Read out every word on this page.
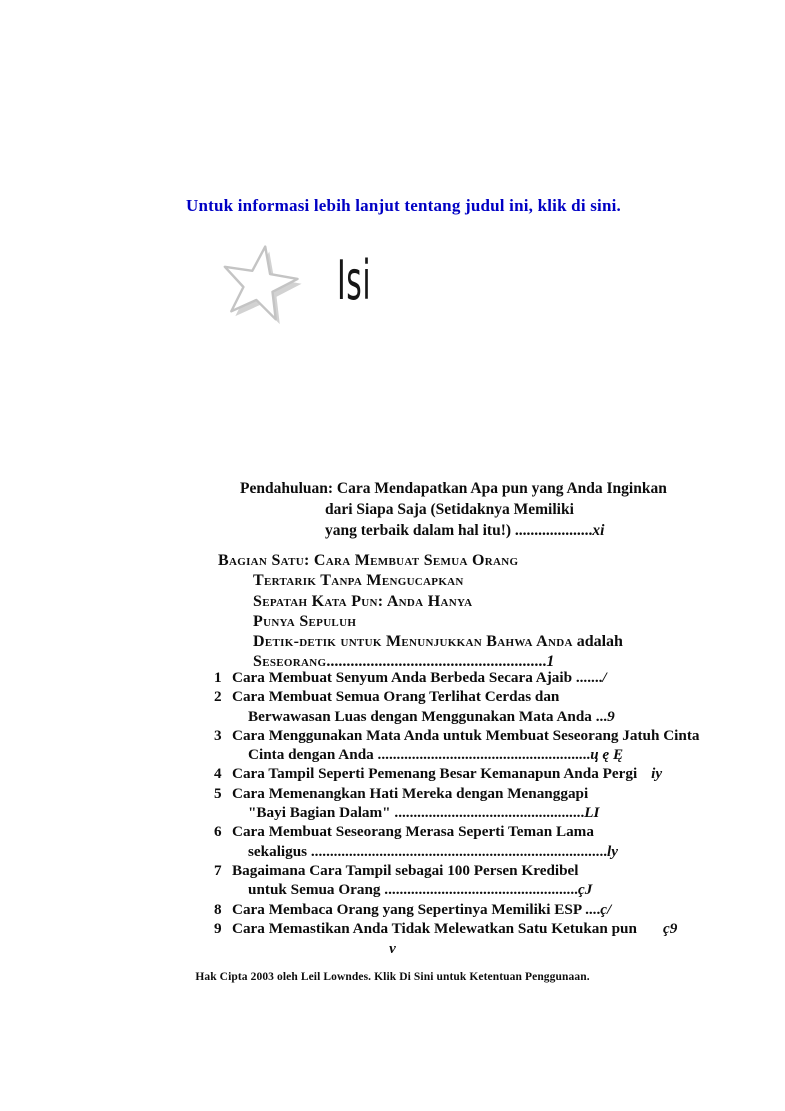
Untuk informasi lebih lanjut tentang judul ini, klik di sini.
Isi
Pendahuluan: Cara Mendapatkan Apa pun yang Anda Inginkan
dari Siapa Saja (Setidaknya Memiliki
yang terbaik dalam hal itu!) ....................xi
Bagian Satu: Cara Membuat Semua Orang
Tertarik Tanpa Mengucapkan
Sepatah Kata Pun: Anda Hanya
Punya Sepuluh
Detik-detik untuk Menunjukkan Bahwa Anda adalah
Seseorang.......................................................1
1 Cara Membuat Senyum Anda Berbeda Secara Ajaib ......./
2 Cara Membuat Semua Orang Terlihat Cerdas dan
Berwawasan Luas dengan Menggunakan Mata Anda ...9
3 Cara Menggunakan Mata Anda untuk Membuat Seseorang Jatuh Cinta
Cinta dengan Anda ........................................................ц ę Ę
4 Cara Tampil Seperti Pemenang Besar Kemanapun Anda Pergi iy
5 Cara Memenangkan Hati Mereka dengan Menanggapi
"Bayi Bagian Dalam" ..................................................LI
6 Cara Membuat Seseorang Merasa Seperti Teman Lama
sekaligus ..............................................................................ly
7 Bagaimana Cara Tampil sebagai 100 Persen Kredibel
untuk Semua Orang ...................................................çJ
8 Cara Membaca Orang yang Sepertinya Memiliki ESP ....ç/
9 Cara Memastikan Anda Tidak Melewatkan Satu Ketukan pun ç9
v
Hak Cipta 2003 oleh Leil Lowndes. Klik Di Sini untuk Ketentuan Penggunaan.
